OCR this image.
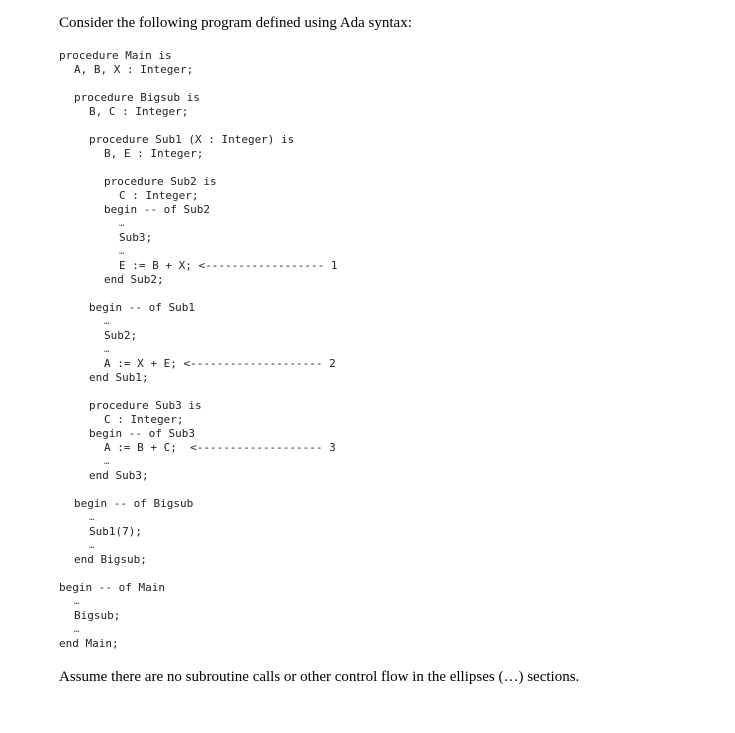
Consider the following program defined using Ada syntax:

procedure Main is
A, B, X : Integer;
procedure Bigsub is
B, C : Integer;
procedure Sub1 (X : Integer) is
B, E : Integer;
procedure Sub2 is
C : Integer;
begin -- of Sub2
…
Sub3;
…
E := B + X; <------------------ 1
end Sub2;
begin -- of Sub1
…
Sub2;
…
A := X + E; <-------------------- 2
end Sub1;
procedure Sub3 is
C : Integer;
begin -- of Sub3
A := B + C;  <------------------- 3
…
end Sub3;
begin -- of Bigsub
…
Sub1(7);
…
end Bigsub;
begin -- of Main
…
Bigsub;
…
end Main;

Assume there are no subroutine calls or other control flow in the ellipses (…) sections.
